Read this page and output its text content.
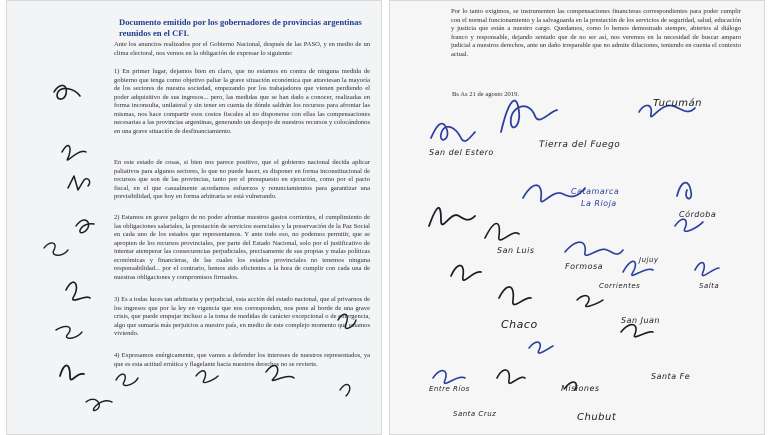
Documento emitido por los gobernadores de provincias argentinas reunidos en el CFI.
Ante los anuncios realizados por el Gobierno Nacional, después de las PASO, y en medio de un clima electoral, nos vemos en la obligación de expresar lo siguiente:
1) En primer lugar, dejamos bien en claro, que no estamos en contra de ninguna medida de gobierno que tenga como objetivo paliar la grave situación económica que atraviesan la mayoría de los sectores de nuestra sociedad, empezando por los trabajadores que vienen perdiendo el poder adquisitivo de sus ingresos... pero, las medidas que se han dado a conocer, realizadas en forma inconsulta, unilateral y sin tener en cuenta de dónde saldrán los recursos para afrontar las mismas, nos hace compartir esos costos fiscales al no disponerse con ellas las compensaciones necesarias a las provincias argentinas, generando un despojo de nuestros recursos y colocándonos en una grave situación de desfinanciamiento.
En este estado de cosas, si bien nos parece positivo, que el gobierno nacional decida aplicar paliativos para algunos sectores, lo que no puede hacer, es disponer en forma inconstitucional de recursos que son de las provincias, tanto por el presupuesto en ejecución, como por el pacto fiscal, en el que casualmente acordamos esfuerzos y renunciamientos para garantizar una previsibilidad, que hoy en forma arbitraria se está vulnerando.
2) Estamos en grave peligro de no poder afrontar nuestros gastos corrientes, el cumplimiento de las obligaciones salariales, la prestación de servicios esenciales y la preservación de la Paz Social en cada uno de los estados que representamos. Y ante todo eso, no podemos permitir, que se apropien de los recursos provinciales, por parte del Estado Nacional, solo por el justificativo de intentar atemperar las consecuencias perjudiciales, precisamente de sus propias y malas políticas económicas y financieras, de las cuales los estados provinciales no tenemos ninguna responsabilidad... por el contrario, hemos sido eficientes a la hora de cumplir con cada una de nuestras obligaciones y compromisos firmados.
3) Es a todas luces tan arbitraria y perjudicial, esta acción del estado nacional, que al privarnos de los ingresos que por la ley en vigencia que nos corresponden, nos pone al borde de una grave crisis, que puede empujar incluso a la toma de medidas de carácter excepcional o de emergencia, algo que sumaría más perjuicios a nuestro país, en medio de este complejo momento que estamos viviendo.
4) Expresamos enérgicamente, que vamos a defender los intereses de nuestros representados, ya que es esta actitud errática y flagelante hacia nuestros derechos no se revierte.
Por lo tanto exigimos, se instrumenten las compensaciones financieras correspondientes para poder cumplir con el normal funcionamiento y la salvaguarda en la prestación de los servicios de seguridad, salud, educación y justicia que están a nuestro cargo. Quedamos, como lo hemos demostrado siempre, abiertos al diálogo franco y responsable, dejando sentado que de no ser así, nos veremos en la necesidad de buscar amparo judicial a nuestros derechos, ante un daño irreparable que no admite dilaciones, teniendo en cuenta el contexto actual.
Bs As 21 de agosto 2019.
San del Estero
Tierra del Fuego
Tucumán
Catamarca
La Rioja
Córdoba
San Luis
Formosa
Jujuy
Corrientes
San Juan
Chaco
Entre Ríos	Misiones
Santa Fe
Santa Cruz	Chubut
Salta
